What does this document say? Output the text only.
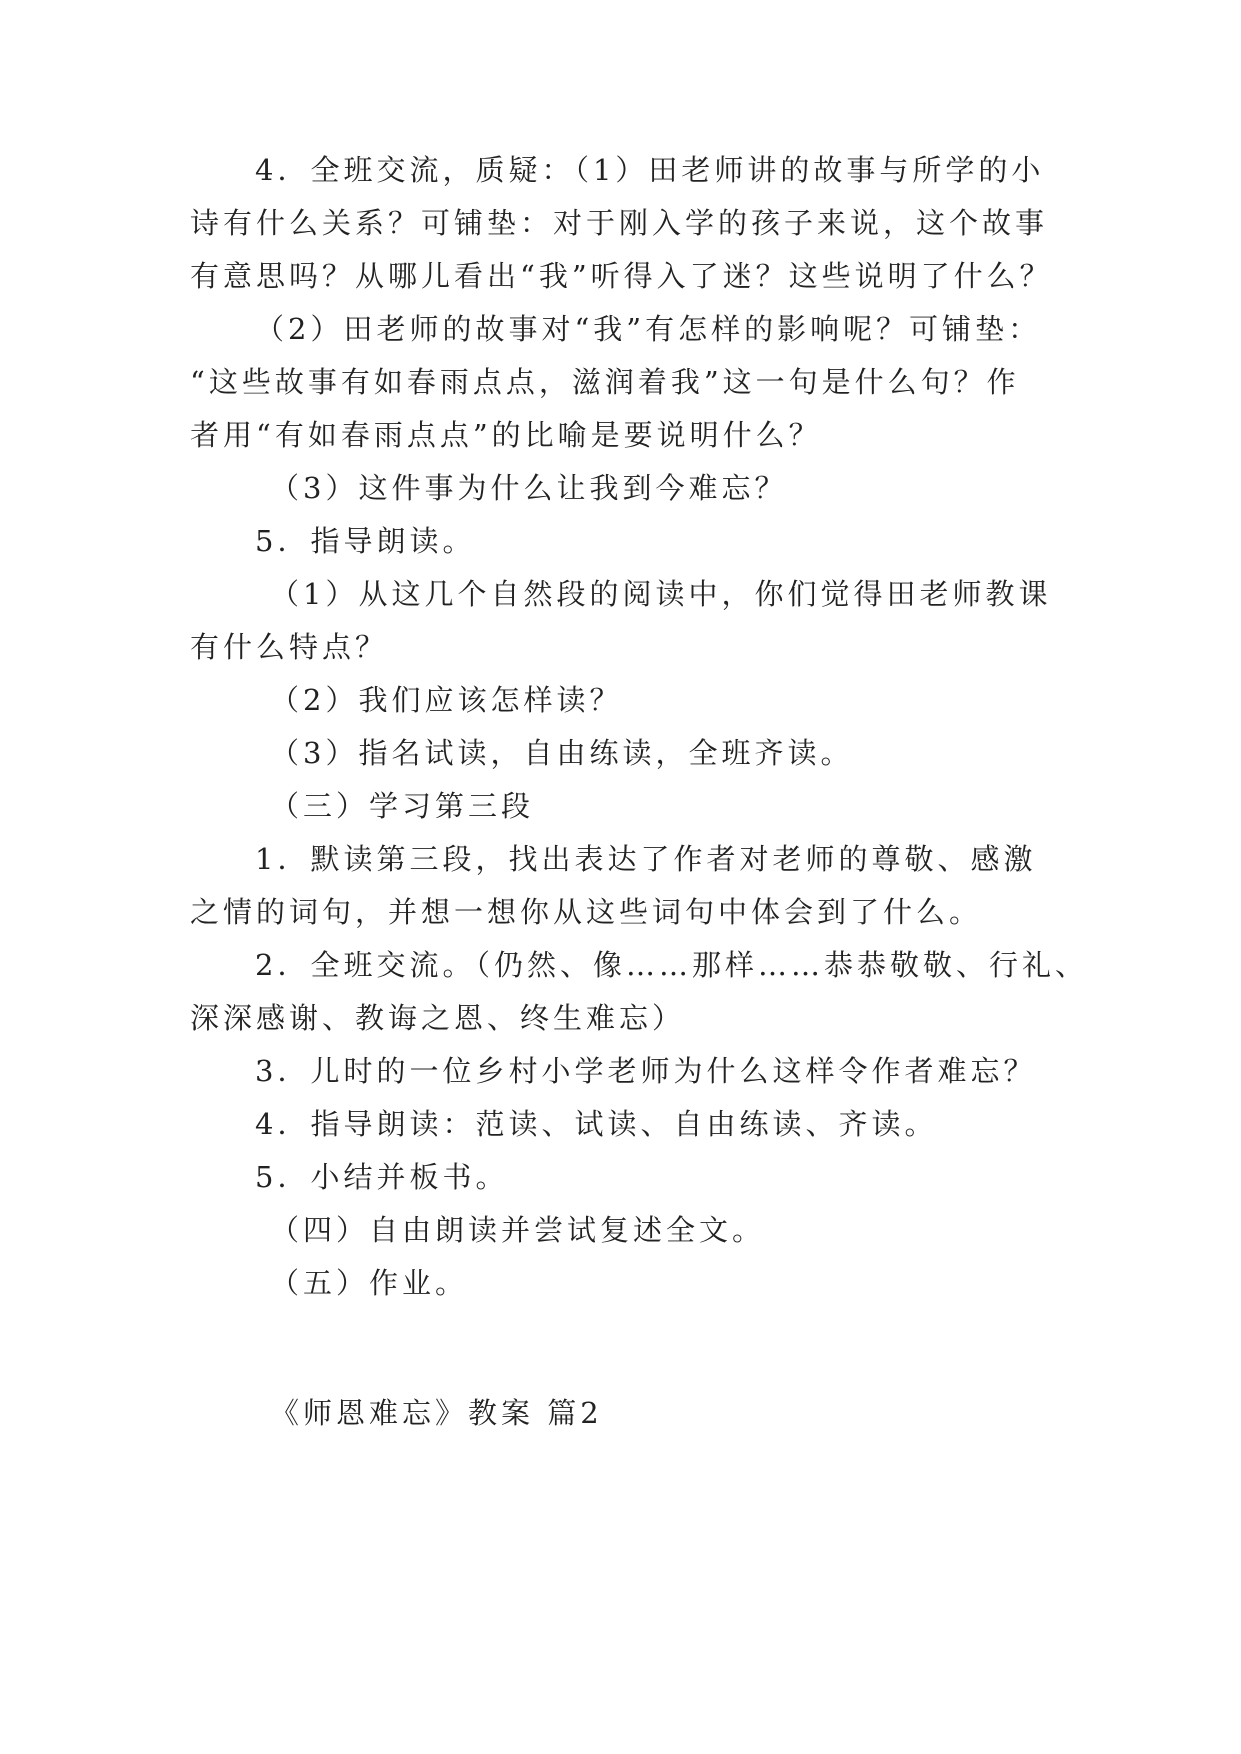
4．全班交流，质疑：（1）田老师讲的故事与所学的小
诗有什么关系？可铺垫：对于刚入学的孩子来说，这个故事
有意思吗？从哪儿看出“我”听得入了迷？这些说明了什么？
（2）田老师的故事对“我”有怎样的影响呢？可铺垫：
“这些故事有如春雨点点，滋润着我”这一句是什么句？作
者用“有如春雨点点”的比喻是要说明什么？
（3）这件事为什么让我到今难忘？
5．指导朗读。
（1）从这几个自然段的阅读中，你们觉得田老师教课
有什么特点？
（2）我们应该怎样读？
（3）指名试读，自由练读，全班齐读。
（三）学习第三段
1．默读第三段，找出表达了作者对老师的尊敬、感激
之情的词句，并想一想你从这些词句中体会到了什么。
2．全班交流。（仍然、像……那样……恭恭敬敬、行礼、
深深感谢、教诲之恩、终生难忘）
3．儿时的一位乡村小学老师为什么这样令作者难忘？
4．指导朗读：范读、试读、自由练读、齐读。
5．小结并板书。
（四）自由朗读并尝试复述全文。
（五）作业。
《师恩难忘》教案 篇2
